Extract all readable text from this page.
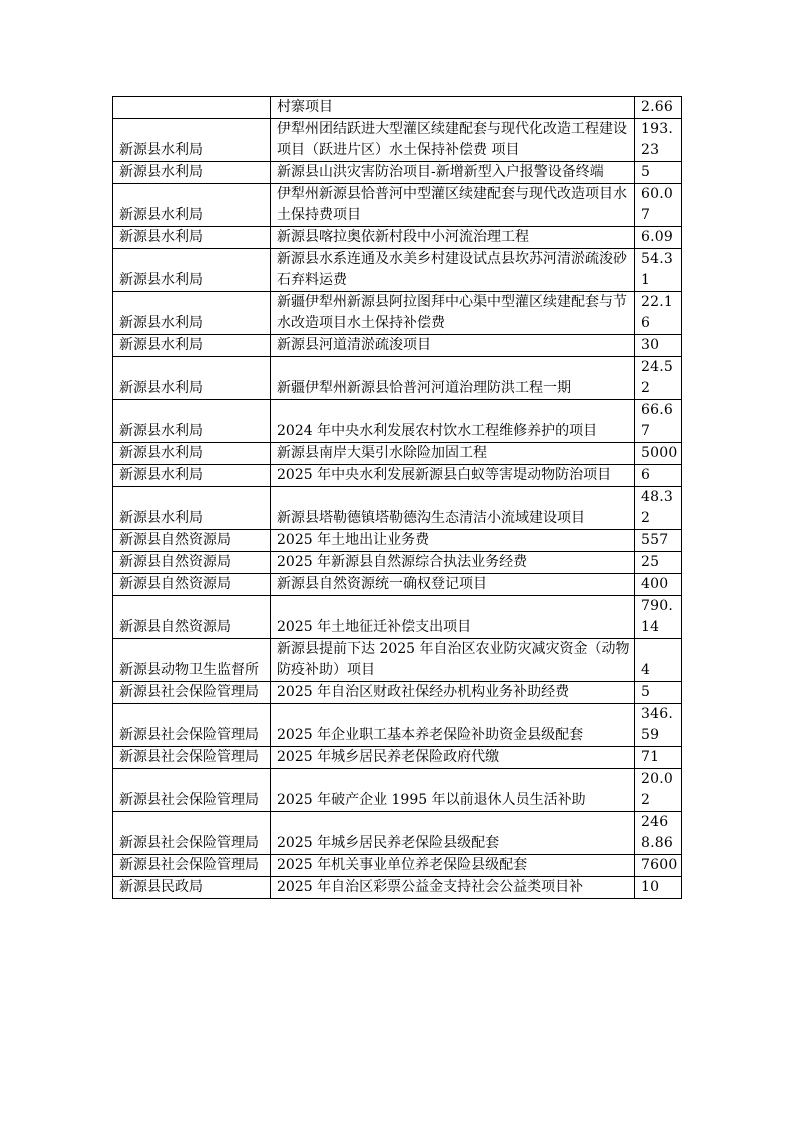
	村寨项目	2.66
新源县水利局	伊犁州团结跃进大型灌区续建配套与现代化改造工程建设项目（跃进片区）水土保持补偿费 项目	193.23
新源县水利局	新源县山洪灾害防治项目-新增新型入户报警设备终端	5
新源县水利局	伊犁州新源县恰普河中型灌区续建配套与现代改造项目水土保持费项目	60.07
新源县水利局	新源县喀拉奥依新村段中小河流治理工程	6.09
新源县水利局	新源县水系连通及水美乡村建设试点县坎苏河清淤疏浚砂石弃料运费	54.31
新源县水利局	新疆伊犁州新源县阿拉图拜中心渠中型灌区续建配套与节水改造项目水土保持补偿费	22.16
新源县水利局	新源县河道清淤疏浚项目	30
新源县水利局	新疆伊犁州新源县恰普河河道治理防洪工程一期	24.52
新源县水利局	2024 年中央水利发展农村饮水工程维修养护的项目	66.67
新源县水利局	新源县南岸大渠引水除险加固工程	5000
新源县水利局	2025 年中央水利发展新源县白蚁等害堤动物防治项目	6
新源县水利局	新源县塔勒德镇塔勒德沟生态清洁小流域建设项目	48.32
新源县自然资源局	2025 年土地出让业务费	557
新源县自然资源局	2025 年新源县自然源综合执法业务经费	25
新源县自然资源局	新源县自然资源统一确权登记项目	400
新源县自然资源局	2025 年土地征迁补偿支出项目	790.14
新源县动物卫生监督所	新源县提前下达 2025 年自治区农业防灾减灾资金（动物防疫补助）项目	4
新源县社会保险管理局	2025 年自治区财政社保经办机构业务补助经费	5
新源县社会保险管理局	2025 年企业职工基本养老保险补助资金县级配套	346.59
新源县社会保险管理局	2025 年城乡居民养老保险政府代缴	71
新源县社会保险管理局	2025 年破产企业 1995 年以前退休人员生活补助	20.02
新源县社会保险管理局	2025 年城乡居民养老保险县级配套	2468.86
新源县社会保险管理局	2025 年机关事业单位养老保险县级配套	7600
新源县民政局	2025 年自治区彩票公益金支持社会公益类项目补	10
